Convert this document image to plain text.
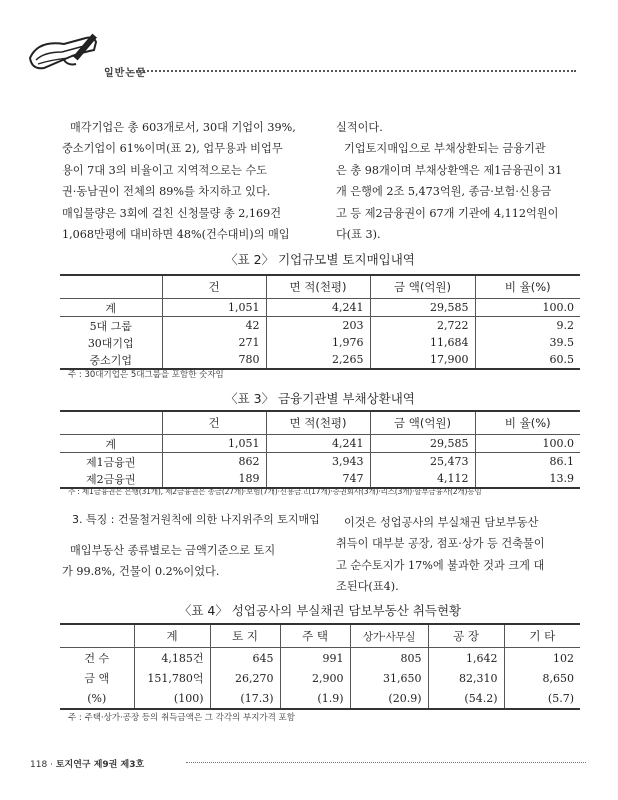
일반논문
매각기업은 총 603개로서, 30대 기업이 39%,
중소기업이 61%이며(표 2), 업무용과 비업무
용이 7대 3의 비율이고 지역적으로는 수도
권·동남권이 전체의 89%를 차지하고 있다.
매입물량은 3회에 걸친 신청물량 총 2,169건
1,068만평에 대비하면 48%(건수대비)의 매입
실적이다.
기업토지매입으로 부채상환되는 금융기관
은 총 98개이며 부채상환액은 제1금융권이 31
개 은행에 2조 5,473억원, 종금·보험·신용금
고 등 제2금융권이 67개 기관에 4,112억원이
다(표 3).
〈표 2〉 기업규모별 토지매입내역
	건	면 적(천평)	금 액(억원)	비 율(%)
계	1,051	4,241	29,585	100.0
5대 그룹	42	203	2,722	9.2
30대기업	271	1,976	11,684	39.5
중소기업	780	2,265	17,900	60.5
주 : 30대기업은 5대그룹을 포함한 숫자임
〈표 3〉 금융기관별 부채상환내역
	건	면 적(천평)	금 액(억원)	비 율(%)
계	1,051	4,241	29,585	100.0
제1금융권	862	3,943	25,473	86.1
제2금융권	189	747	4,112	13.9
주 : 제1금융권은 은행(31개), 제2금융권은 종금(27개)·보험(7개)·신용금고(17개)·증권회사(3개)·리스(3개)·할부금융사(2개)등임
3. 특징 : 건물철거원칙에 의한 나지위주의 토지매입
매입부동산 종류별로는 금액기준으로 토지
가 99.8%, 건물이 0.2%이었다.
이것은 성업공사의 부실채권 담보부동산
취득이 대부분 공장, 점포·상가 등 건축물이
고 순수토지가 17%에 불과한 것과 크게 대
조된다(표4).
〈표 4〉 성업공사의 부실채권 담보부동산 취득현황
	계	토 지	주 택	상가·사무실	공 장	기 타
건 수	4,185건	645	991	805	1,642	102
금 액	151,780억	26,270	2,900	31,650	82,310	8,650
(%)	(100)	(17.3)	(1.9)	(20.9)	(54.2)	(5.7)
주 : 주택·상가·공장 등의 취득금액은 그 각각의 부지가격 포함
118 · 토지연구 제9권 제3호
